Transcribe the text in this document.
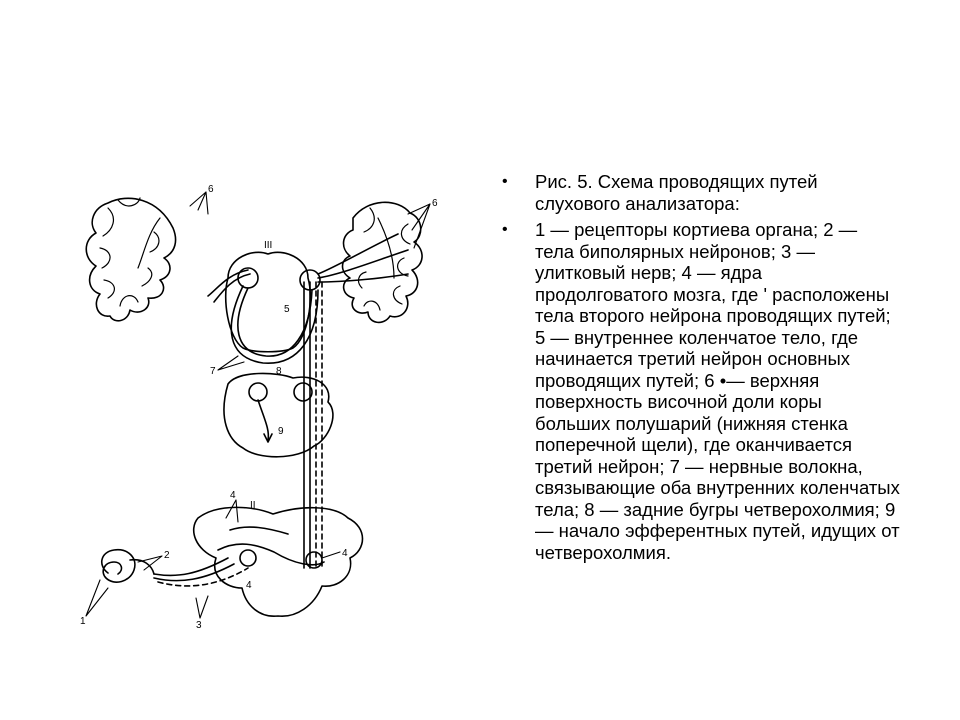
6
6
III
5
7	8
9
4
II
4
4
2
1	3
• Рис. 5. Схема проводящих путей слухового анализатора:
• 1 — рецепторы кортиева органа; 2 — тела биполярных нейронов; 3 — улитковый нерв; 4 — ядра продолговатого мозга, где ' расположены тела второго нейрона проводящих путей; 5 — внутреннее коленчатое тело, где начинается третий нейрон основных проводящих путей; 6 •— верхняя поверхность височной доли коры больших полушарий (нижняя стенка поперечной щели), где оканчивается третий нейрон; 7 — нервные волокна, связывающие оба внутренних коленчатых тела; 8 — задние бугры четверохолмия; 9 — начало эфферентных путей, идущих от четверохолмия.
